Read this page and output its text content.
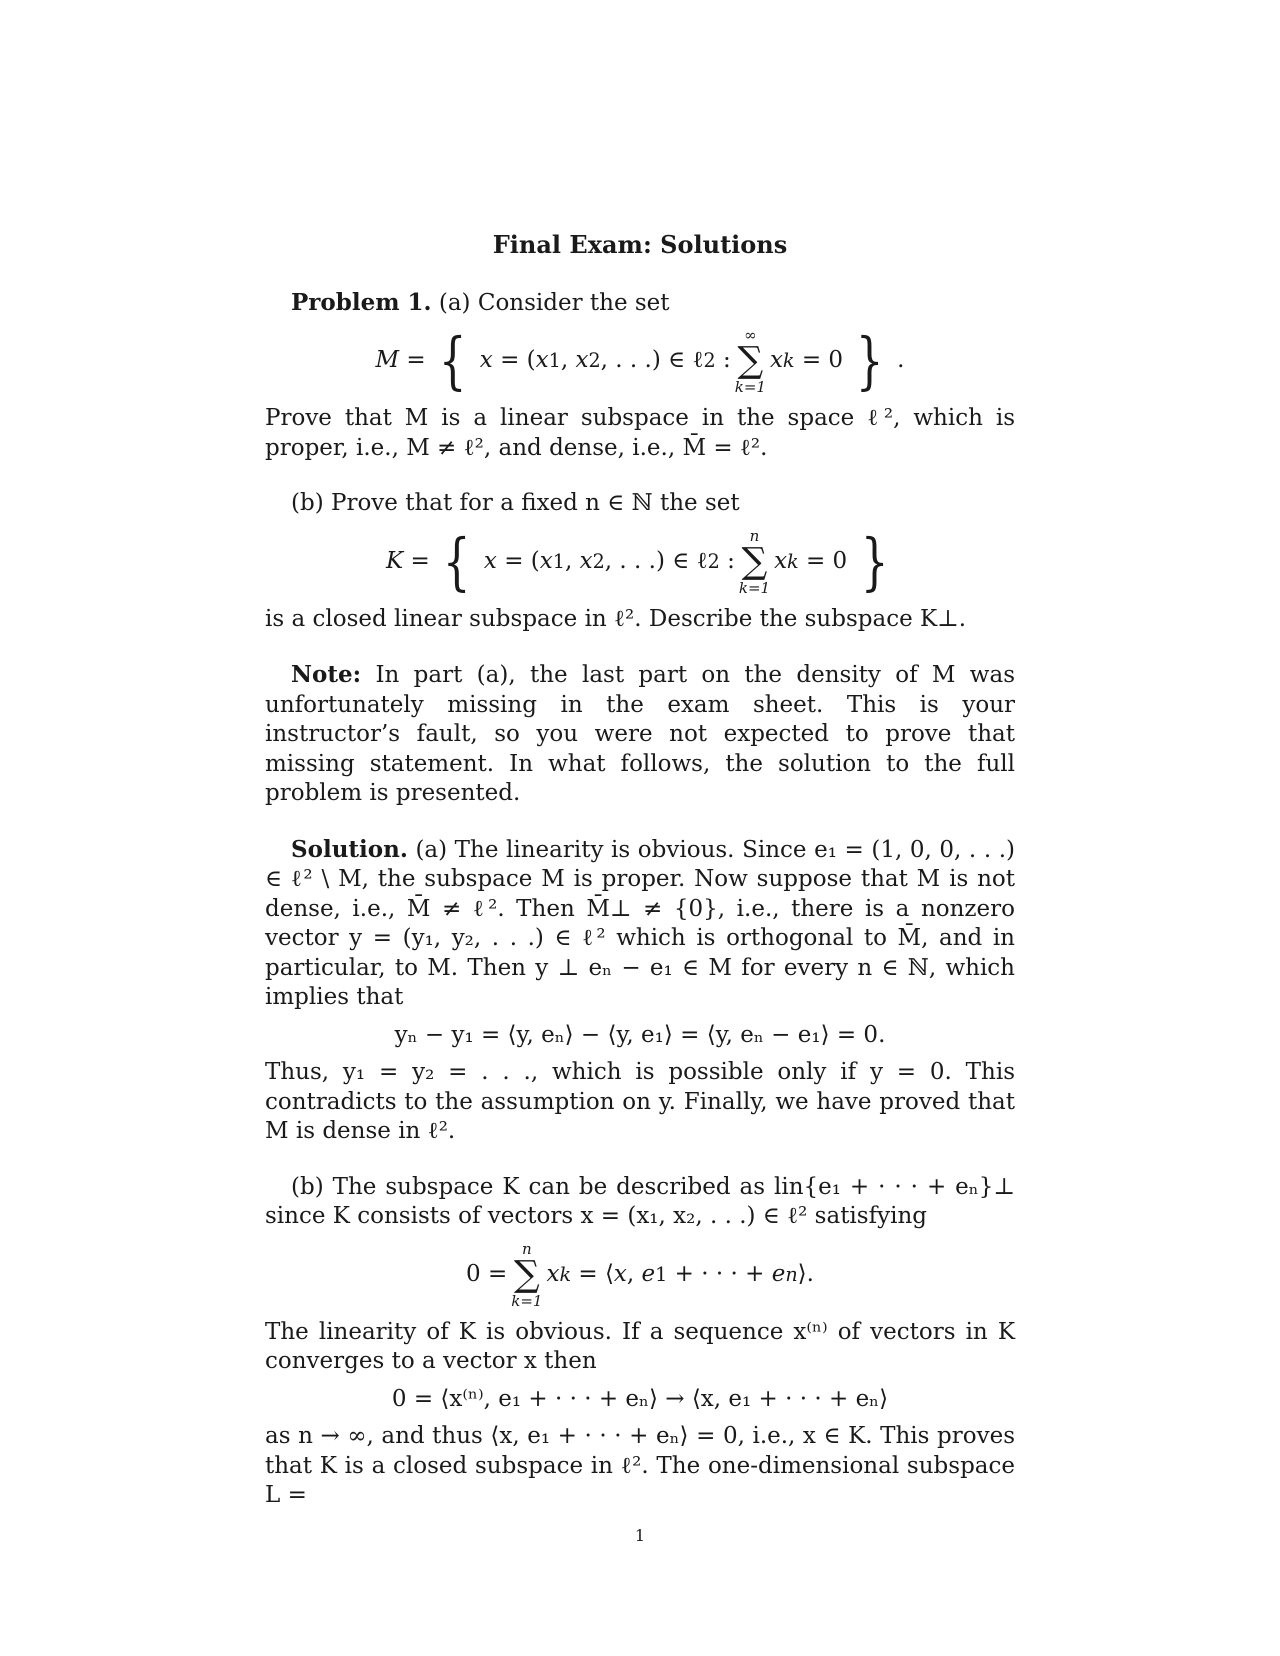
Final Exam: Solutions

Problem 1. (a) Consider the set

M = {
x = ( x 1 , x 2 , . . .) ∈ ℓ 2 :
∞
∑
k=1
x k = 0 } .

Prove that M is a linear subspace in the space ℓ², which is proper, i.e., M ≠ ℓ², and dense, i.e., M̄ = ℓ².

(b) Prove that for a fixed n ∈ ℕ the set

K = {
x = ( x 1 , x 2 , . . .) ∈ ℓ 2 :
n
∑
k=1
x k = 0 }

is a closed linear subspace in ℓ². Describe the subspace K⊥.

Note: In part (a), the last part on the density of M was unfortunately missing in the exam sheet. This is your instructor’s fault, so you were not expected to prove that missing statement. In what follows, the solution to the full problem is presented.

Solution. (a) The linearity is obvious. Since e₁ = (1, 0, 0, . . .) ∈ ℓ² \ M, the subspace M is proper. Now suppose that M is not dense, i.e., M̄ ≠ ℓ². Then M̄⊥ ≠ {0}, i.e., there is a nonzero vector y = (y₁, y₂, . . .) ∈ ℓ² which is orthogonal to M̄, and in particular, to M. Then y ⊥ eₙ − e₁ ∈ M for every n ∈ ℕ, which implies that

yₙ − y₁ = ⟨y, eₙ⟩ − ⟨y, e₁⟩ = ⟨y, eₙ − e₁⟩ = 0.

Thus, y₁ = y₂ = . . ., which is possible only if y = 0. This contradicts to the assumption on y. Finally, we have proved that M is dense in ℓ².

(b) The subspace K can be described as lin{e₁ + · · · + eₙ}⊥ since K consists of vectors x = (x₁, x₂, . . .) ∈ ℓ² satisfying

0 =
n
∑
k=1
x k = ⟨ x , e 1 + · · · + e n ⟩.

The linearity of K is obvious. If a sequence x⁽ⁿ⁾ of vectors in K converges to a vector x then

0 = ⟨x⁽ⁿ⁾, e₁ + · · · + eₙ⟩ → ⟨x, e₁ + · · · + eₙ⟩

as n → ∞, and thus ⟨x, e₁ + · · · + eₙ⟩ = 0, i.e., x ∈ K. This proves that K is a closed subspace in ℓ². The one-dimensional subspace L =

1
